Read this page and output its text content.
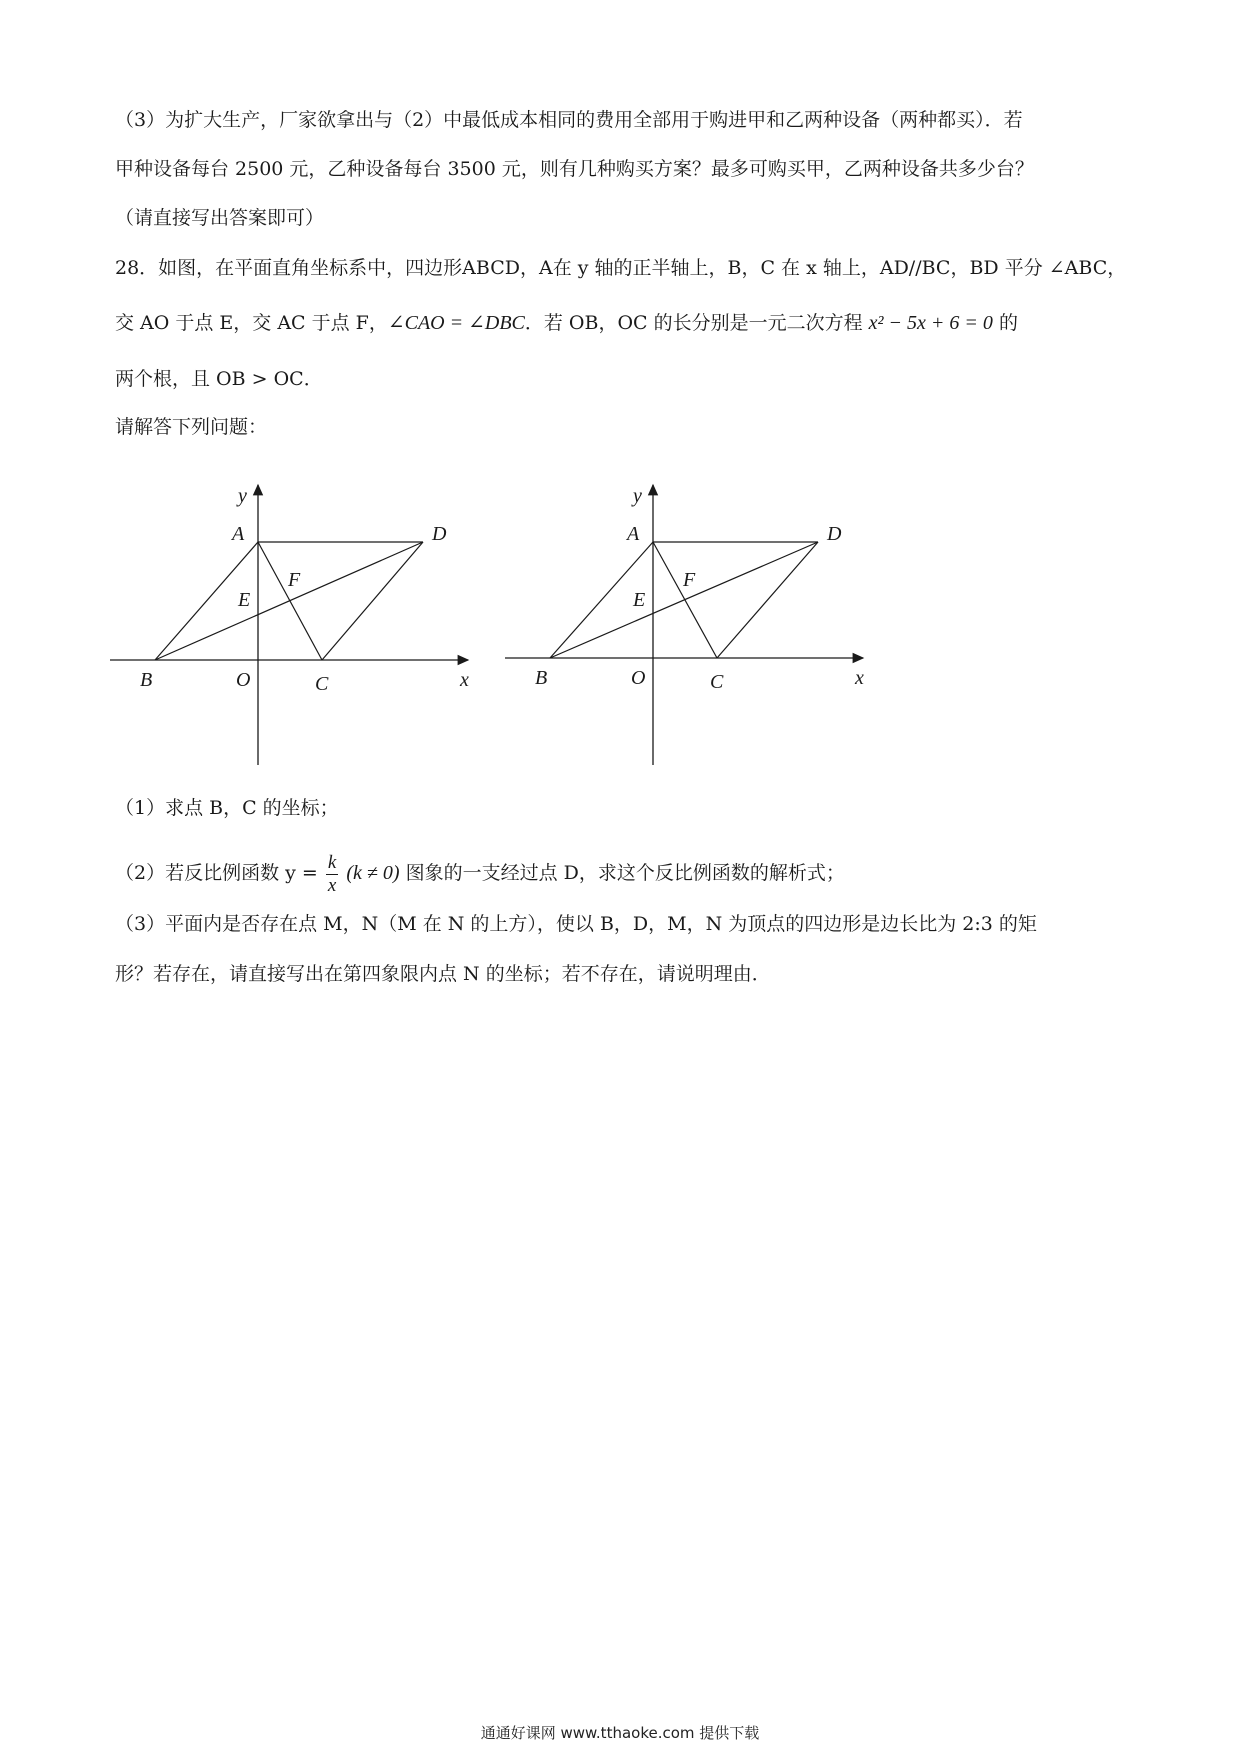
（3）为扩大生产，厂家欲拿出与（2）中最低成本相同的费用全部用于购进甲和乙两种设备（两种都买）．若
甲种设备每台 2500 元，乙种设备每台 3500 元，则有几种购买方案？最多可购买甲，乙两种设备共多少台？
（请直接写出答案即可）
28．如图，在平面直角坐标系中，四边形ABCD，A在 y 轴的正半轴上，B，C 在 x 轴上，AD//BC，BD 平分 ∠ABC，
交 AO 于点 E，交 AC 于点 F，∠CAO = ∠DBC．若 OB，OC 的长分别是一元二次方程 x² − 5x + 6 = 0 的
两个根，且 OB > OC．
请解答下列问题：
y
A	D
F
E
B	O	C	x
y
A	D
F
E
B	O	C	x
（1）求点 B，C 的坐标；
（2）若反比例函数 $y = \frac{k}{x} (k \ne 0)$ 图象的一支经过点 D，求这个反比例函数的解析式；
（3）平面内是否存在点 M，N（M 在 N 的上方），使以 B，D，M，N 为顶点的四边形是边长比为 2:3 的矩
形？若存在，请直接写出在第四象限内点 N 的坐标；若不存在，请说明理由．
通通好课网 www.tthaoke.com 提供下载
